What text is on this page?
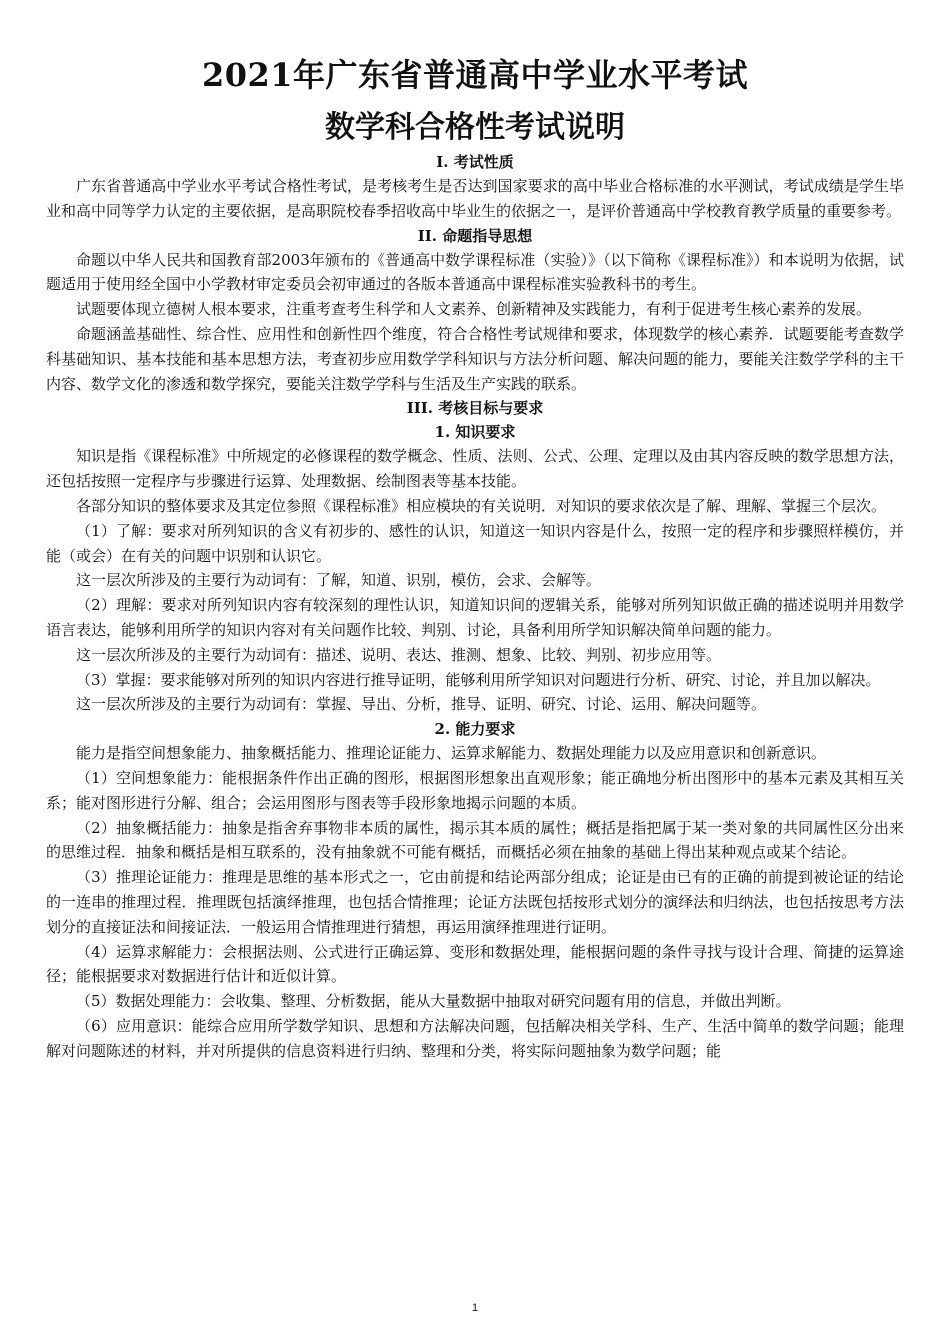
2021年广东省普通高中学业水平考试
数学科合格性考试说明
I. 考试性质

广东省普通高中学业水平考试合格性考试，是考核考生是否达到国家要求的高中毕业合格标准的水平测试，考试成绩是学生毕业和高中同等学力认定的主要依据，是高职院校春季招收高中毕业生的依据之一，是评价普通高中学校教育教学质量的重要参考。

II. 命题指导思想

命题以中华人民共和国教育部2003年颁布的《普通高中数学课程标准（实验）》（以下简称《课程标准》）和本说明为依据，试题适用于使用经全国中小学教材审定委员会初审通过的各版本普通高中课程标准实验教科书的考生。

试题要体现立德树人根本要求，注重考查考生科学和人文素养、创新精神及实践能力，有利于促进考生核心素养的发展。

命题涵盖基础性、综合性、应用性和创新性四个维度，符合合格性考试规律和要求，体现数学的核心素养．试题要能考查数学科基础知识、基本技能和基本思想方法，考查初步应用数学学科知识与方法分析问题、解决问题的能力，要能关注数学学科的主干内容、数学文化的渗透和数学探究，要能关注数学学科与生活及生产实践的联系。

III. 考核目标与要求
1. 知识要求

知识是指《课程标准》中所规定的必修课程的数学概念、性质、法则、公式、公理、定理以及由其内容反映的数学思想方法，还包括按照一定程序与步骤进行运算、处理数据、绘制图表等基本技能。

各部分知识的整体要求及其定位参照《课程标准》相应模块的有关说明．对知识的要求依次是了解、理解、掌握三个层次。

（1）了解：要求对所列知识的含义有初步的、感性的认识，知道这一知识内容是什么，按照一定的程序和步骤照样模仿，并能（或会）在有关的问题中识别和认识它。

这一层次所涉及的主要行为动词有：了解，知道、识别，模仿，会求、会解等。

（2）理解：要求对所列知识内容有较深刻的理性认识，知道知识间的逻辑关系，能够对所列知识做正确的描述说明并用数学语言表达，能够利用所学的知识内容对有关问题作比较、判别、讨论，具备利用所学知识解决简单问题的能力。

这一层次所涉及的主要行为动词有：描述、说明、表达、推测、想象、比较、判别、初步应用等。

（3）掌握：要求能够对所列的知识内容进行推导证明，能够利用所学知识对问题进行分析、研究、讨论，并且加以解决。

这一层次所涉及的主要行为动词有：掌握、导出、分析，推导、证明、研究、讨论、运用、解决问题等。

2. 能力要求

能力是指空间想象能力、抽象概括能力、推理论证能力、运算求解能力、数据处理能力以及应用意识和创新意识。

（1）空间想象能力：能根据条件作出正确的图形，根据图形想象出直观形象；能正确地分析出图形中的基本元素及其相互关系；能对图形进行分解、组合；会运用图形与图表等手段形象地揭示问题的本质。

（2）抽象概括能力：抽象是指舍弃事物非本质的属性，揭示其本质的属性；概括是指把属于某一类对象的共同属性区分出来的思维过程．抽象和概括是相互联系的，没有抽象就不可能有概括，而概括必须在抽象的基础上得出某种观点或某个结论。

（3）推理论证能力：推理是思维的基本形式之一，它由前提和结论两部分组成；论证是由已有的正确的前提到被论证的结论的一连串的推理过程．推理既包括演绎推理，也包括合情推理；论证方法既包括按形式划分的演绎法和归纳法，也包括按思考方法划分的直接证法和间接证法．一般运用合情推理进行猜想，再运用演绎推理进行证明。

（4）运算求解能力：会根据法则、公式进行正确运算、变形和数据处理，能根据问题的条件寻找与设计合理、简捷的运算途径；能根据要求对数据进行估计和近似计算。

（5）数据处理能力：会收集、整理、分析数据，能从大量数据中抽取对研究问题有用的信息，并做出判断。

（6）应用意识：能综合应用所学数学知识、思想和方法解决问题，包括解决相关学科、生产、生活中简单的数学问题；能理解对问题陈述的材料，并对所提供的信息资料进行归纳、整理和分类，将实际问题抽象为数学问题；能

1
